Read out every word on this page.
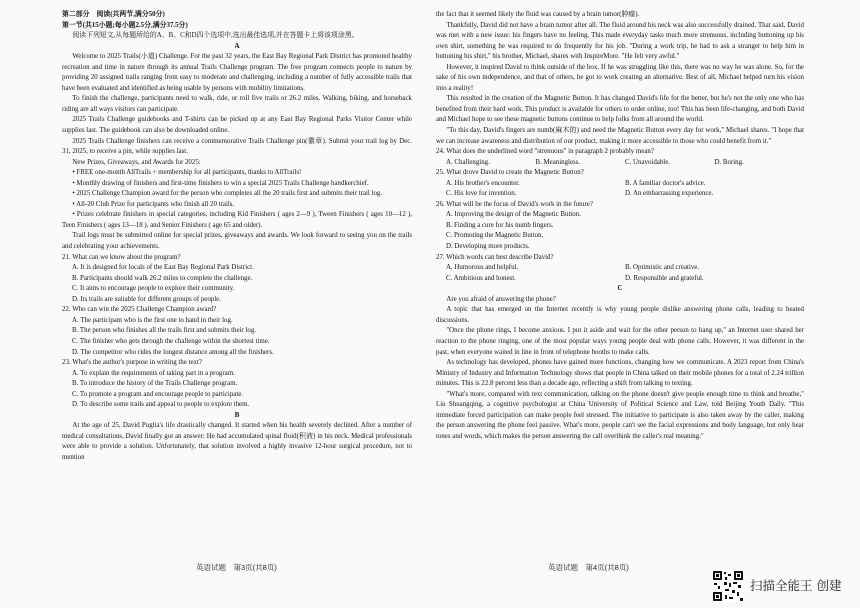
第二部分　阅读(共两节,满分50分)

第一节(共15小题;每小题2.5分,满分37.5分)

阅读下列短文,从每题所给的A、B、C和D四个选项中,选出最佳选项,并在答题卡上将该项涂黑。

A

Welcome to 2025 Trails(小道) Challenge. For the past 32 years, the East Bay Regional Park District has promoted healthy recreation and time in nature through its annual Trails Challenge program. The free program connects people to nature by providing 20 assigned trails ranging from easy to moderate and challenging, including a number of fully accessible trails that have been evaluated and identified as being usable by persons with mobility limitations.

To finish the challenge, participants need to walk, ride, or roll five trails or 26.2 miles. Walking, biking, and horseback riding are all ways visitors can participate.

2025 Trails Challenge guidebooks and T-shirts can be picked up at any East Bay Regional Parks Visitor Center while supplies last. The guidebook can also be downloaded online.

2025 Trails Challenge finishers can receive a commemorative Trails Challenge pin(徽章). Submit your trail log by Dec. 31, 2025, to receive a pin, while supplies last.

New Prizes, Giveaways, and Awards for 2025:

• FREE one-month AllTrails + membership for all participants, thanks to AllTrails!

• Monthly drawing of finishers and first-time finishers to win a special 2025 Trails Challenge handkerchief.

• 2025 Challenge Champion award for the person who completes all the 20 trails first and submits their trail log.

• All-20 Club Prize for participants who finish all 20 trails.

• Prizes celebrate finishers in special categories, including Kid Finishers ( ages 2—9 ), Tween Finishers ( ages 10—12 ), Teen Finishers ( ages 13—18 ), and Senior Finishers ( age 65 and older).

Trail logs must be submitted online for special prizes, giveaways and awards. We look forward to seeing you on the trails and celebrating your achievements.

21. What can we know about the program?

A. It is designed for locals of the East Bay Regional Park District.

B. Participants should walk 26.2 miles to complete the challenge.

C. It aims to encourage people to explore their community.

D. Its trails are suitable for different groups of people.

22. Who can win the 2025 Challenge Champion award?

A. The participant who is the first one to hand in their log.

B. The person who finishes all the trails first and submits their log.

C. The finisher who gets through the challenge within the shortest time.

D. The competitor who rides the longest distance among all the finishers.

23. What's the author's purpose in writing the text?

A. To explain the requirements of taking part in a program.

B. To introduce the history of the Trails Challenge program.

C. To promote a program and encourage people to participate.

D. To describe some trails and appeal to people to explore them.

B

At the age of 25, David Puglia's life drastically changed. It started when his health severely declined. After a number of medical consultations, David finally got an answer: He had accumulated spinal fluid(积液) in his neck. Medical professionals were able to provide a solution. Unfortunately, that solution involved a highly invasive 12-hour surgical procedure, not to mention

the fact that it seemed likely the fluid was caused by a brain tumor(肿瘤).

Thankfully, David did not have a brain tumor after all. The fluid around his neck was also successfully drained. That said, David was met with a new issue: his fingers have no feeling. This made everyday tasks much more strenuous, including buttoning up his own shirt, something he was required to do frequently for his job. "During a work trip, he had to ask a stranger to help him in buttoning his shirt," his brother, Michael, shares with InspireMore. "He felt very awful."

However, it inspired David to think outside of the box. If he was struggling like this, there was no way he was alone. So, for the sake of his own independence, and that of others, he got to work creating an alternative. Best of all, Michael helped turn his vision into a reality!

This resulted in the creation of the Magnetic Button. It has changed David's life for the better, but he's not the only one who has benefited from their hard work. This product is available for others to order online, too! This has been life-changing, and both David and Michael hope to see these magnetic buttons continue to help folks from all around the world.

"To this day, David's fingers are numb(麻木的) and need the Magnetic Button every day for work," Michael shares. "I hope that we can increase awareness and distribution of our product, making it more accessible to those who could benefit from it."

24. What does the underlined word "strenuous" in paragraph 2 probably mean?

A. Challenging.	B. Meaningless.	C. Unavoidable.	D. Boring.

25. What drove David to create the Magnetic Button?

A. His brother's encounter.	B. A familiar doctor's advice.
C. His love for invention.	D. An embarrassing experience.

26. What will be the focus of David's work in the future?

A. Improving the design of the Magnetic Button.

B. Finding a cure for his numb fingers.

C. Promoting the Magnetic Button.

D. Developing more products.

27. Which words can best describe David?

A. Humorous and helpful.	B. Optimistic and creative.
C. Ambitious and honest.	D. Responsible and grateful.

C

Are you afraid of answering the phone?

A topic that has emerged on the Internet recently is why young people dislike answering phone calls, leading to heated discussions.

"Once the phone rings, I become anxious. I put it aside and wait for the other person to hang up," an Internet user shared her reaction to the phone ringing, one of the most popular ways young people deal with phone calls. However, it was different in the past, when everyone waited in line in front of telephone booths to make calls.

As technology has developed, phones have gained more functions, changing how we communicate. A 2023 report from China's Ministry of Industry and Information Technology shows that people in China talked on their mobile phones for a total of 2.24 trillion minutes. This is 22.8 percent less than a decade ago, reflecting a shift from talking to texting.

"What's more, compared with text communication, talking on the phone doesn't give people enough time to think and breathe," Liu Shuangqing, a cognitive psychologist at China University of Political Science and Law, told Beijing Youth Daily. "This immediate forced participation can make people feel stressed. The initiative to participate is also taken away by the caller, making the person answering the phone feel passive. What's more, people can't see the facial expressions and body language, but only hear tones and words, which makes the person answering the call overthink the caller's real meaning."

英语试题　第3页(共8页)	英语试题　第4页(共8页)
扫描全能王 创建
